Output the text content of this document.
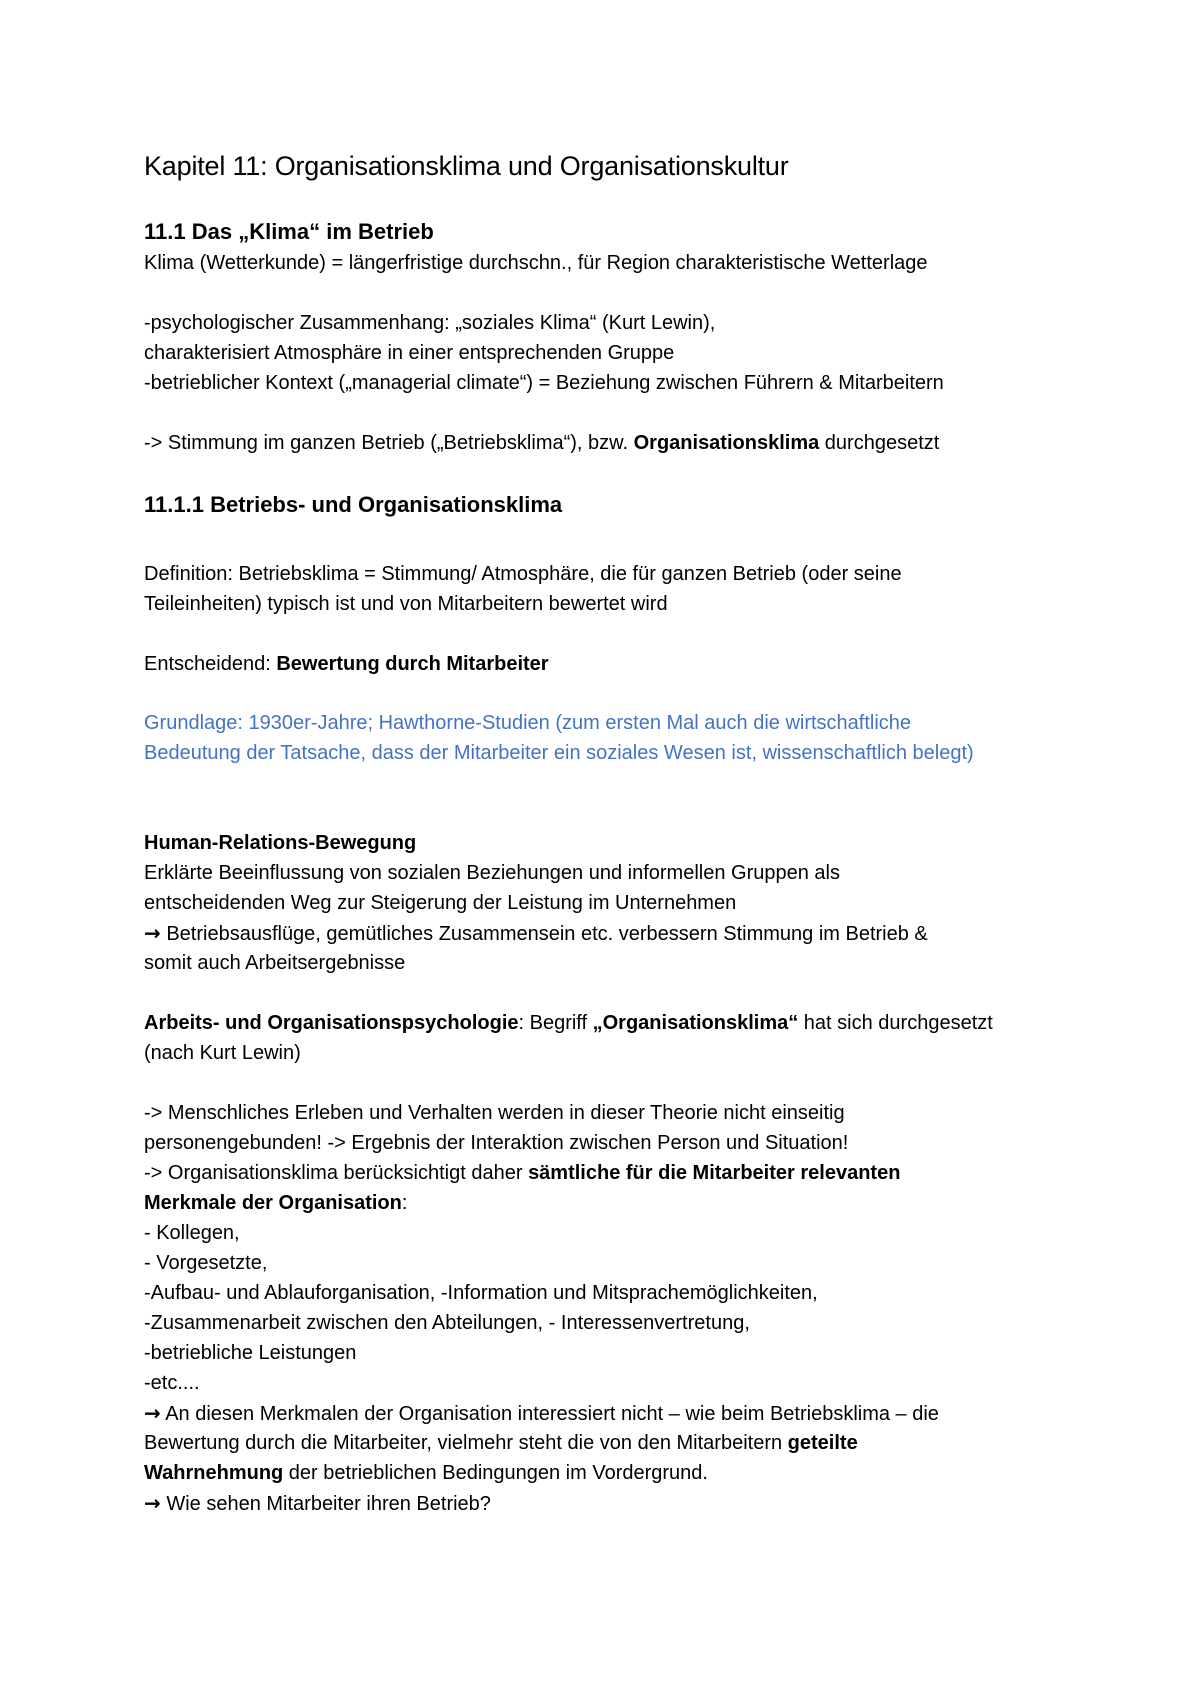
Kapitel 11: Organisationsklima und Organisationskultur
11.1 Das „Klima“ im Betrieb
Klima (Wetterkunde) = längerfristige durchschn., für Region charakteristische Wetterlage
-psychologischer Zusammenhang: „soziales Klima“ (Kurt Lewin),
charakterisiert Atmosphäre in einer entsprechenden Gruppe
-betrieblicher Kontext („managerial climate“) = Beziehung zwischen Führern & Mitarbeitern
-> Stimmung im ganzen Betrieb („Betriebsklima“), bzw. Organisationsklima durchgesetzt
11.1.1 Betriebs- und Organisationsklima
Definition: Betriebsklima = Stimmung/ Atmosphäre, die für ganzen Betrieb (oder seine
Teileinheiten) typisch ist und von Mitarbeitern bewertet wird
Entscheidend: Bewertung durch Mitarbeiter
Grundlage: 1930er-Jahre; Hawthorne-Studien (zum ersten Mal auch die wirtschaftliche
Bedeutung der Tatsache, dass der Mitarbeiter ein soziales Wesen ist, wissenschaftlich belegt)
Human-Relations-Bewegung
Erklärte Beeinflussung von sozialen Beziehungen und informellen Gruppen als
entscheidenden Weg zur Steigerung der Leistung im Unternehmen
→ Betriebsausflüge, gemütliches Zusammensein etc. verbessern Stimmung im Betrieb &
somit auch Arbeitsergebnisse
Arbeits- und Organisationspsychologie: Begriff „Organisationsklima“ hat sich durchgesetzt
(nach Kurt Lewin)
-> Menschliches Erleben und Verhalten werden in dieser Theorie nicht einseitig
personengebunden! -> Ergebnis der Interaktion zwischen Person und Situation!
-> Organisationsklima berücksichtigt daher sämtliche für die Mitarbeiter relevanten
Merkmale der Organisation:
- Kollegen,
- Vorgesetzte,
-Aufbau- und Ablauforganisation, -Information und Mitsprachemöglichkeiten,
-Zusammenarbeit zwischen den Abteilungen, - Interessenvertretung,
-betriebliche Leistungen
-etc....
→ An diesen Merkmalen der Organisation interessiert nicht – wie beim Betriebsklima – die
Bewertung durch die Mitarbeiter, vielmehr steht die von den Mitarbeitern geteilte
Wahrnehmung der betrieblichen Bedingungen im Vordergrund.
→ Wie sehen Mitarbeiter ihren Betrieb?
